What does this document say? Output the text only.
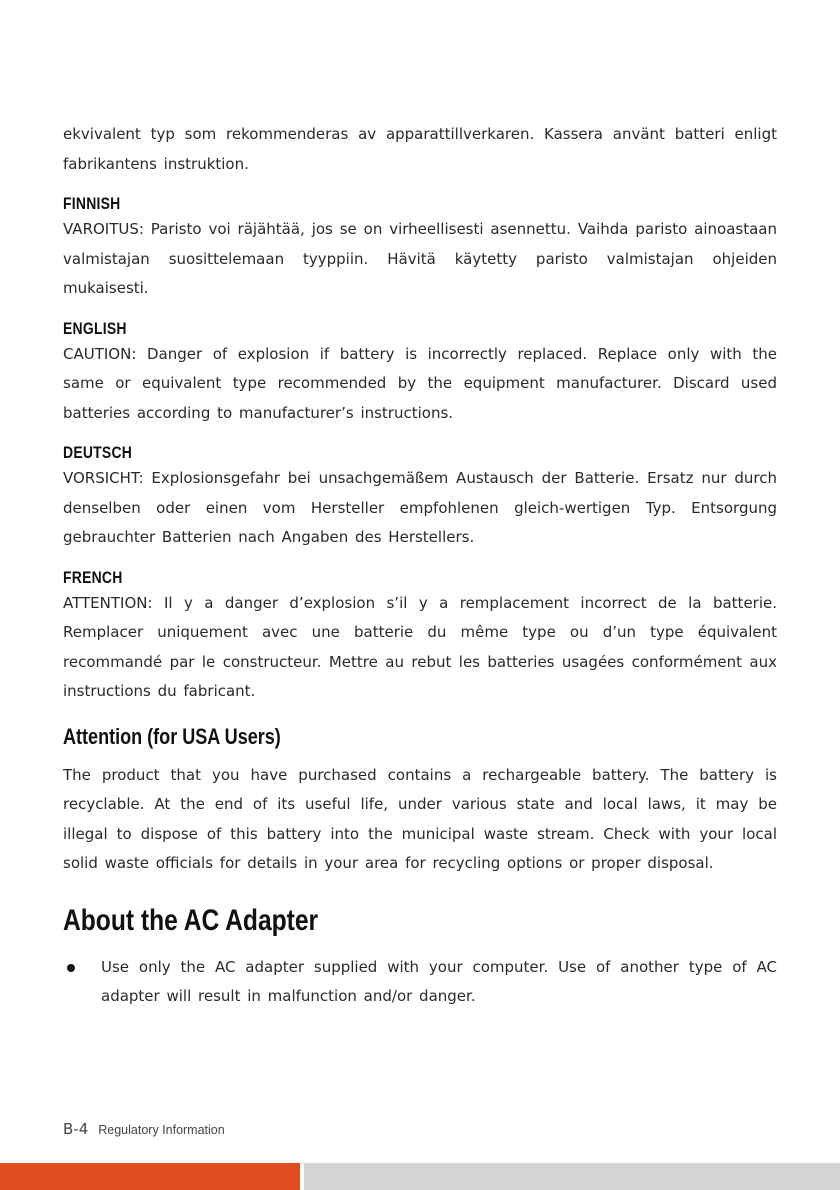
ekvivalent typ som rekommenderas av apparattillverkaren. Kassera använt batteri enligt fabrikantens instruktion.

FINNISH

VAROITUS: Paristo voi räjähtää, jos se on virheellisesti asennettu. Vaihda paristo ainoastaan valmistajan suosittelemaan tyyppiin. Hävitä käytetty paristo valmistajan ohjeiden mukaisesti.

ENGLISH

CAUTION: Danger of explosion if battery is incorrectly replaced. Replace only with the same or equivalent type recommended by the equipment manufacturer. Discard used batteries according to manufacturer’s instructions.

DEUTSCH

VORSICHT: Explosionsgefahr bei unsachgemäßem Austausch der Batterie. Ersatz nur durch denselben oder einen vom Hersteller empfohlenen gleich-wertigen Typ. Entsorgung gebrauchter Batterien nach Angaben des Herstellers.

FRENCH

ATTENTION: Il y a danger d’explosion s’il y a remplacement incorrect de la batterie. Remplacer uniquement avec une batterie du même type ou d’un type équivalent recommandé par le constructeur. Mettre au rebut les batteries usagées conformément aux instructions du fabricant.

Attention (for USA Users)

The product that you have purchased contains a rechargeable battery. The battery is recyclable. At the end of its useful life, under various state and local laws, it may be illegal to dispose of this battery into the municipal waste stream. Check with your local solid waste officials for details in your area for recycling options or proper disposal.

About the AC Adapter

Use only the AC adapter supplied with your computer. Use of another type of AC adapter will result in malfunction and/or danger.

B-4 Regulatory Information
